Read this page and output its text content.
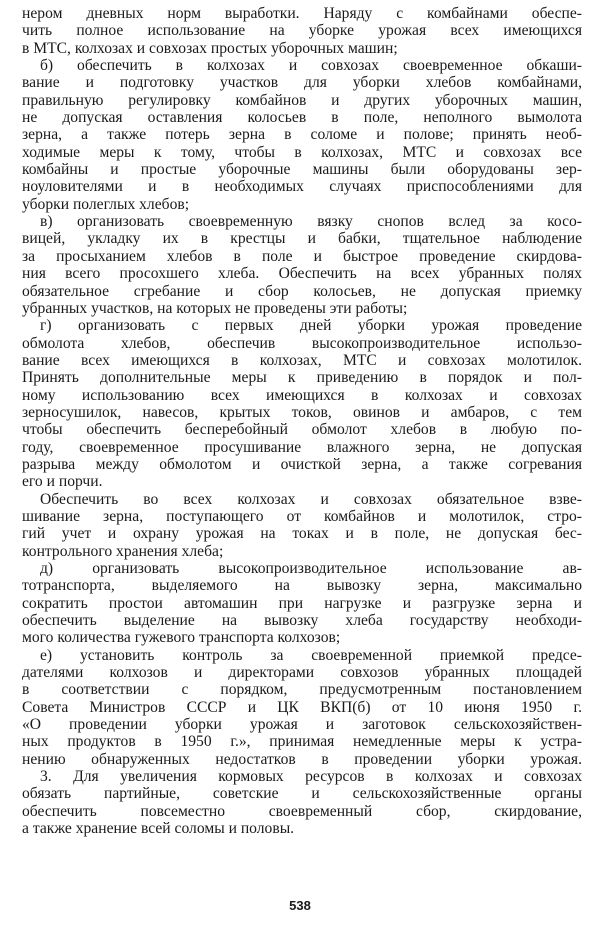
нером дневных норм выработки. Наряду с комбайнами обеспе-
чить полное использование на уборке урожая всех имеющихся
в МТС, колхозах и совхозах простых уборочных машин;
б) обеспечить в колхозах и совхозах своевременное обкаши-
вание и подготовку участков для уборки хлебов комбайнами,
правильную регулировку комбайнов и других уборочных машин,
не допуская оставления колосьев в поле, неполного вымолота
зерна, а также потерь зерна в соломе и полове; принять необ-
ходимые меры к тому, чтобы в колхозах, МТС и совхозах все
комбайны и простые уборочные машины были оборудованы зер-
ноуловителями и в необходимых случаях приспособлениями для
уборки полеглых хлебов;
в) организовать своевременную вязку снопов вслед за косо-
вицей, укладку их в крестцы и бабки, тщательное наблюдение
за просыханием хлебов в поле и быстрое проведение скирдова-
ния всего просохшего хлеба. Обеспечить на всех убранных полях
обязательное сгребание и сбор колосьев, не допуская приемку
убранных участков, на которых не проведены эти работы;
г) организовать с первых дней уборки урожая проведение
обмолота хлебов, обеспечив высокопроизводительное использо-
вание всех имеющихся в колхозах, МТС и совхозах молотилок.
Принять дополнительные меры к приведению в порядок и пол-
ному использованию всех имеющихся в колхозах и совхозах
зерносушилок, навесов, крытых токов, овинов и амбаров, с тем
чтобы обеспечить бесперебойный обмолот хлебов в любую по-
году, своевременное просушивание влажного зерна, не допуская
разрыва между обмолотом и очисткой зерна, а также согревания
его и порчи.
Обеспечить во всех колхозах и совхозах обязательное взве-
шивание зерна, поступающего от комбайнов и молотилок, стро-
гий учет и охрану урожая на токах и в поле, не допуская бес-
контрольного хранения хлеба;
д) организовать высокопроизводительное использование ав-
тотранспорта, выделяемого на вывозку зерна, максимально
сократить простои автомашин при нагрузке и разгрузке зерна и
обеспечить выделение на вывозку хлеба государству необходи-
мого количества гужевого транспорта колхозов;
е) установить контроль за своевременной приемкой предсе-
дателями колхозов и директорами совхозов убранных площадей
в соответствии с порядком, предусмотренным постановлением
Совета Министров СССР и ЦК ВКП(б) от 10 июня 1950 г.
«О проведении уборки урожая и заготовок сельскохозяйствен-
ных продуктов в 1950 г.», принимая немедленные меры к устра-
нению обнаруженных недостатков в проведении уборки урожая.
3. Для увеличения кормовых ресурсов в колхозах и совхозах
обязать партийные, советские и сельскохозяйственные органы
обеспечить повсеместно своевременный сбор, скирдование,
а также хранение всей соломы и половы.
538
